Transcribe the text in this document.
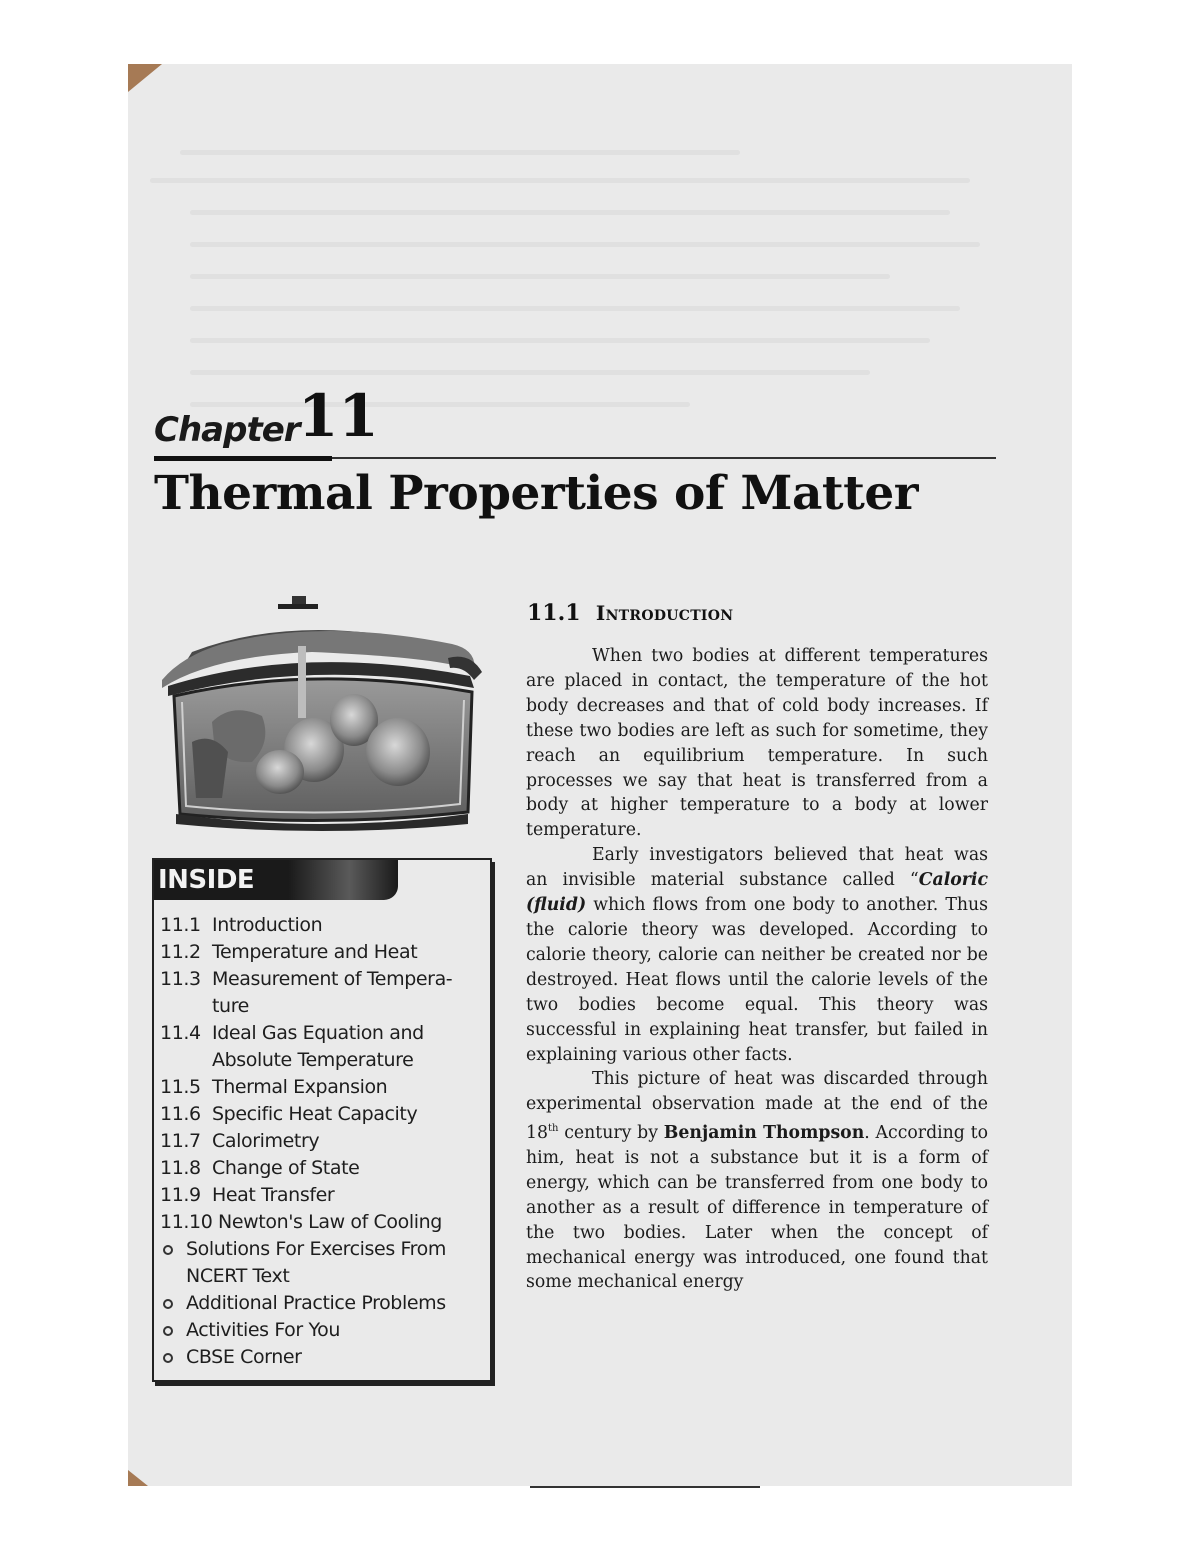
Chapter
11
Thermal Properties of Matter
INSIDE
11.1 Introduction
11.2 Temperature and Heat
11.3 Measurement of Tempera-
ture
11.4 Ideal Gas Equation and
Absolute Temperature
11.5 Thermal Expansion
11.6 Specific Heat Capacity
11.7 Calorimetry
11.8 Change of State
11.9 Heat Transfer
11.10 Newton's Law of Cooling
Solutions For Exercises From
NCERT Text
Additional Practice Problems
Activities For You
CBSE Corner
11.1 Introduction

When two bodies at different temperatures are placed in contact, the temperature of the hot body decreases and that of cold body increases. If these two bodies are left as such for sometime, they reach an equilibrium temperature. In such processes we say that heat is transferred from a body at higher temperature to a body at lower temperature.

Early investigators believed that heat was an invisible material substance called “Caloric (fluid) which flows from one body to another. Thus the calorie theory was developed. According to calorie theory, calorie can neither be created nor be destroyed. Heat flows until the calorie levels of the two bodies become equal. This theory was successful in explaining heat transfer, but failed in explaining various other facts.

This picture of heat was discarded through experimental observation made at the end of the 18th century by Benjamin Thompson. According to him, heat is not a substance but it is a form of energy, which can be transferred from one body to another as a result of difference in temperature of the two bodies. Later when the concept of mechanical energy was introduced, one found that some mechanical energy
